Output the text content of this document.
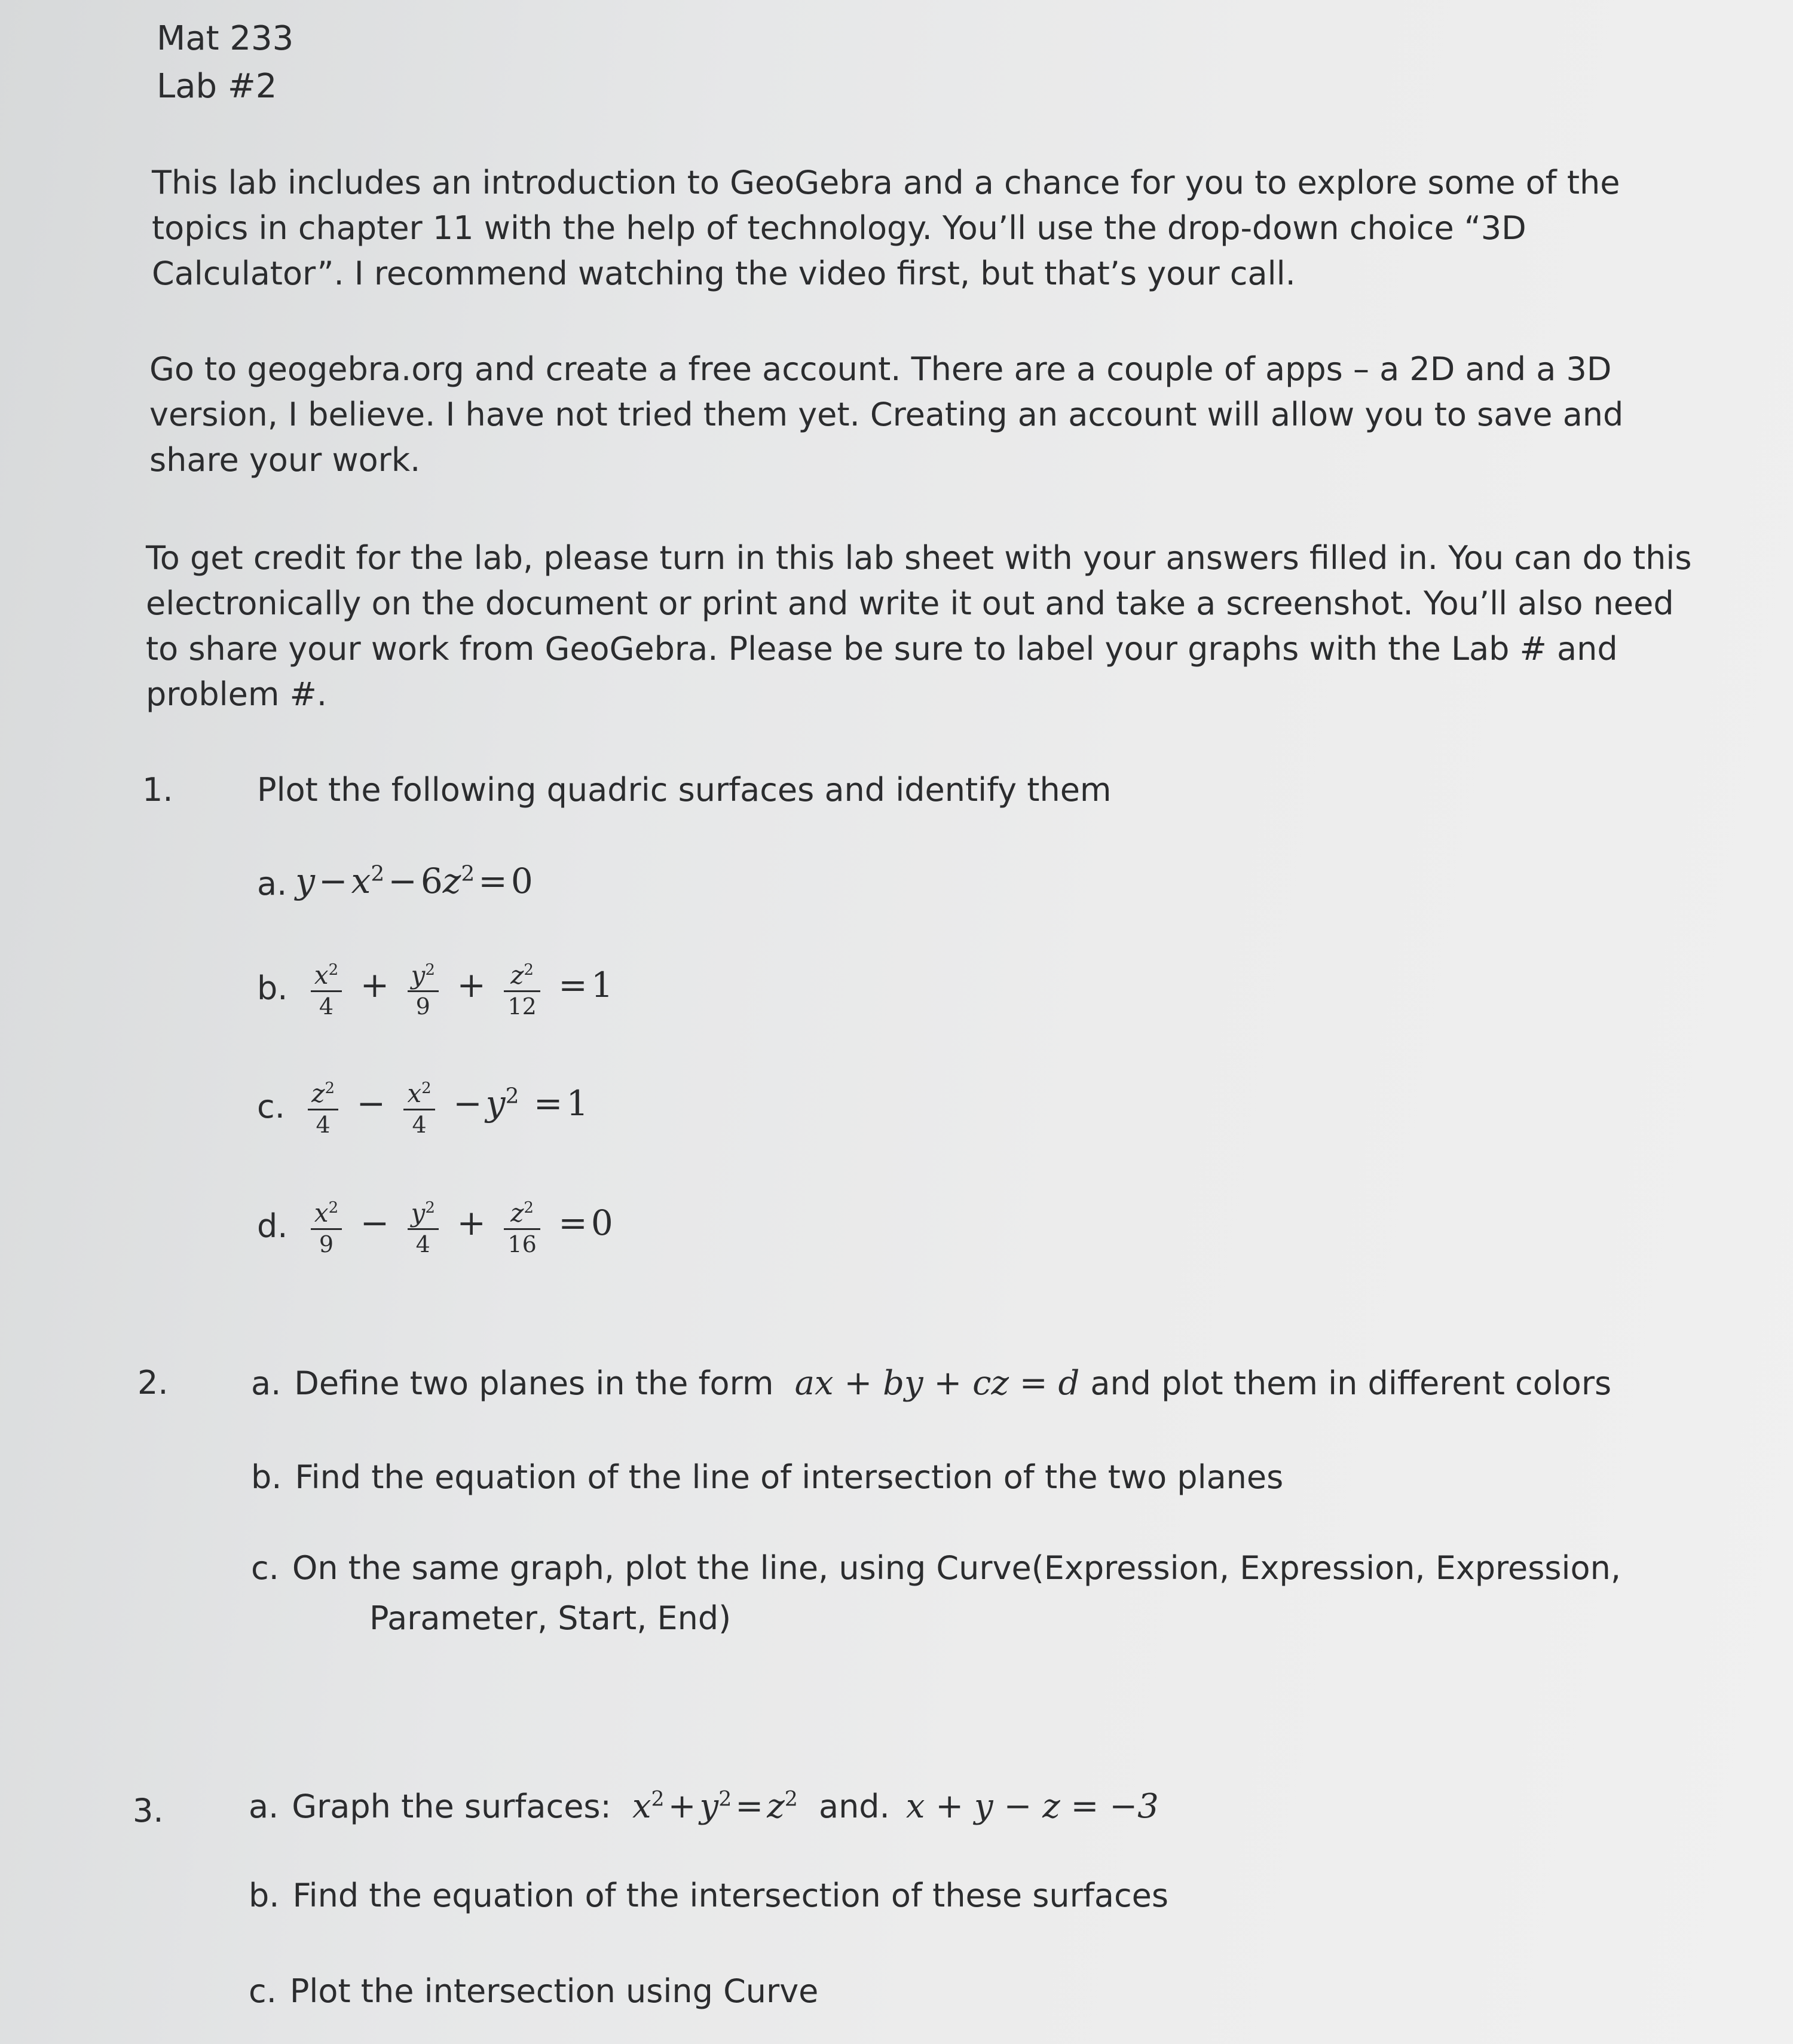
Mat 233
Lab #2
This lab includes an introduction to GeoGebra and a chance for you to explore some of the
topics in chapter 11 with the help of technology. You’ll use the drop-down choice “3D
Calculator”. I recommend watching the video first, but that’s your call.
Go to geogebra.org and create a free account. There are a couple of apps – a 2D and a 3D
version, I believe. I have not tried them yet. Creating an account will allow you to save and
share your work.
To get credit for the lab, please turn in this lab sheet with your answers filled in. You can do this
electronically on the document or print and write it out and take a screenshot. You’ll also need
to share your work from GeoGebra. Please be sure to label your graphs with the Lab # and
problem #.
1.	Plot the following quadric surfaces and identify them
a. $y - x^2 - 6z^2 = 0$
b. $\frac{x^2}{4} + \frac{y^2}{9} + \frac{z^2}{12} = 1$
c. $\frac{z^2}{4} - \frac{x^2}{4} - y^2 = 1$
d. $\frac{x^2}{9} - \frac{y^2}{4} + \frac{z^2}{16} = 0$
2.	a. Define two planes in the form ax + by + cz = d and plot them in different colors
b. Find the equation of the line of intersection of the two planes
c. On the same graph, plot the line, using Curve(Expression, Expression, Expression,
Parameter, Start, End)
3.	a. Graph the surfaces: $x^2 + y^2 = z^2$ and. x + y − z = −3
b. Find the equation of the intersection of these surfaces
c. Plot the intersection using Curve
